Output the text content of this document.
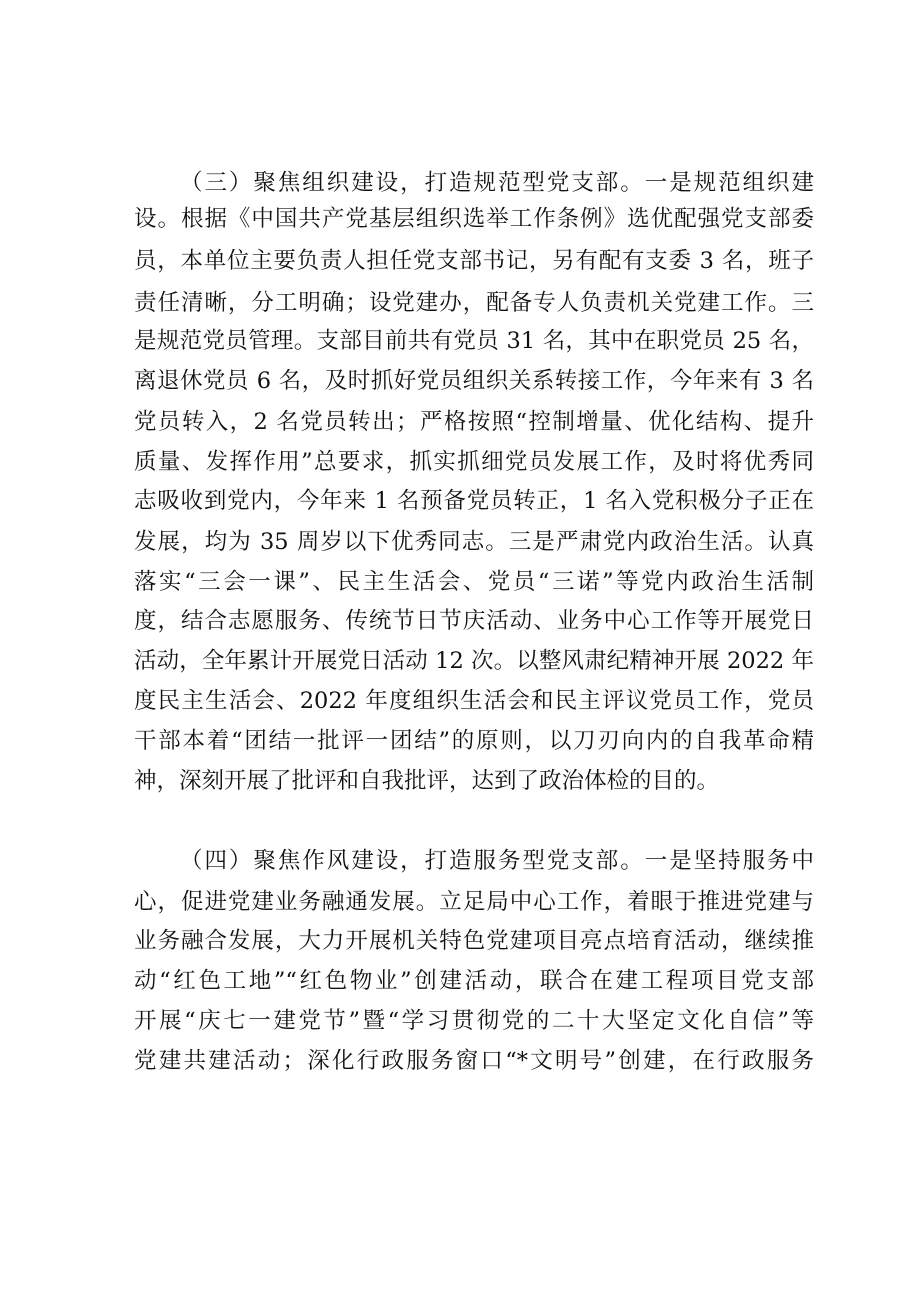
（三）聚焦组织建设，打造规范型党支部。一是规范组织建
设。根据《中国共产党基层组织选举工作条例》选优配强党支部委
员，本单位主要负责人担任党支部书记，另有配有支委 3 名，班子
责任清晰，分工明确；设党建办，配备专人负责机关党建工作。三
是规范党员管理。支部目前共有党员 31 名，其中在职党员 25 名，
离退休党员 6 名，及时抓好党员组织关系转接工作，今年来有 3 名
党员转入，2 名党员转出；严格按照“控制增量、优化结构、提升
质量、发挥作用”总要求，抓实抓细党员发展工作，及时将优秀同
志吸收到党内，今年来 1 名预备党员转正，1 名入党积极分子正在
发展，均为 35 周岁以下优秀同志。三是严肃党内政治生活。认真
落实“三会一课”、民主生活会、党员“三诺”等党内政治生活制
度，结合志愿服务、传统节日节庆活动、业务中心工作等开展党日
活动，全年累计开展党日活动 12 次。以整风肃纪精神开展 2022 年
度民主生活会、2022 年度组织生活会和民主评议党员工作，党员
干部本着“团结一批评一团结”的原则，以刀刃向内的自我革命精
神，深刻开展了批评和自我批评，达到了政治体检的目的。
（四）聚焦作风建设，打造服务型党支部。一是坚持服务中
心，促进党建业务融通发展。立足局中心工作，着眼于推进党建与
业务融合发展，大力开展机关特色党建项目亮点培育活动，继续推
动“红色工地”“红色物业”创建活动，联合在建工程项目党支部
开展“庆七一建党节”暨“学习贯彻党的二十大坚定文化自信”等
党建共建活动；深化行政服务窗口“*文明号”创建，在行政服务
